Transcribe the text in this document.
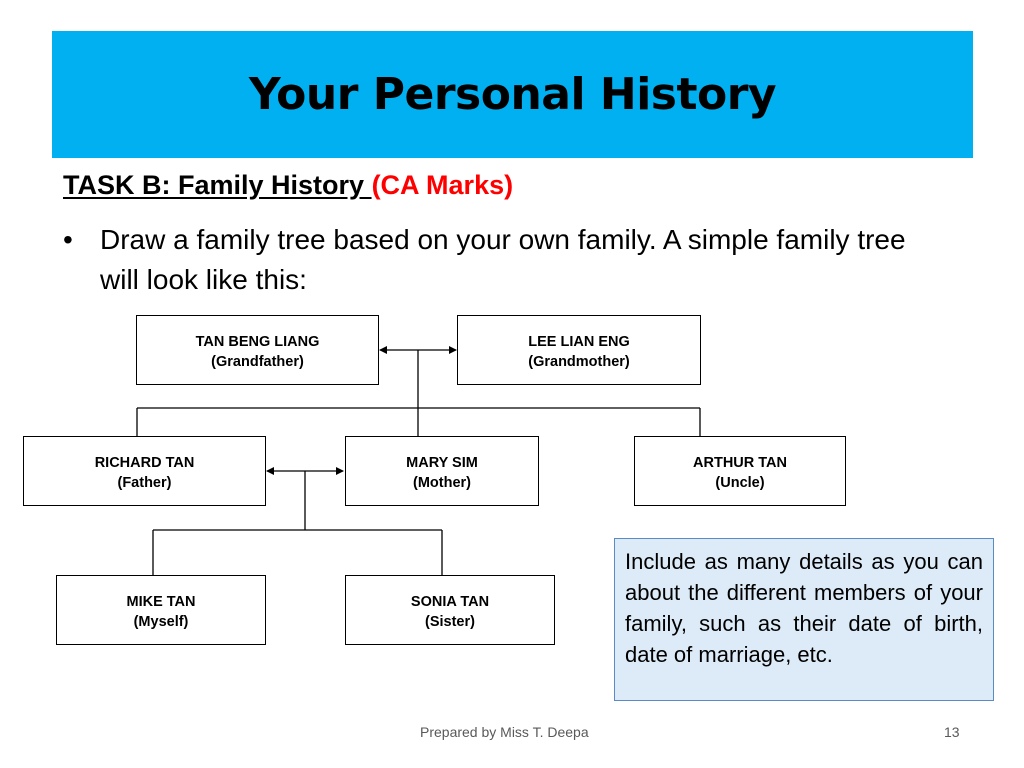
Your Personal History
TASK B: Family History (CA Marks)
• Draw a family tree based on your own family. A simple family tree will look like this:
TAN BENG LIANG
(Grandfather)
LEE LIAN ENG
(Grandmother)
RICHARD TAN
(Father)
MARY SIM
(Mother)
ARTHUR TAN
(Uncle)
MIKE TAN
(Myself)
SONIA TAN
(Sister)
Include as many details as you can about the different members of your family, such as their date of birth, date of marriage, etc.
Prepared by Miss T. Deepa	13
